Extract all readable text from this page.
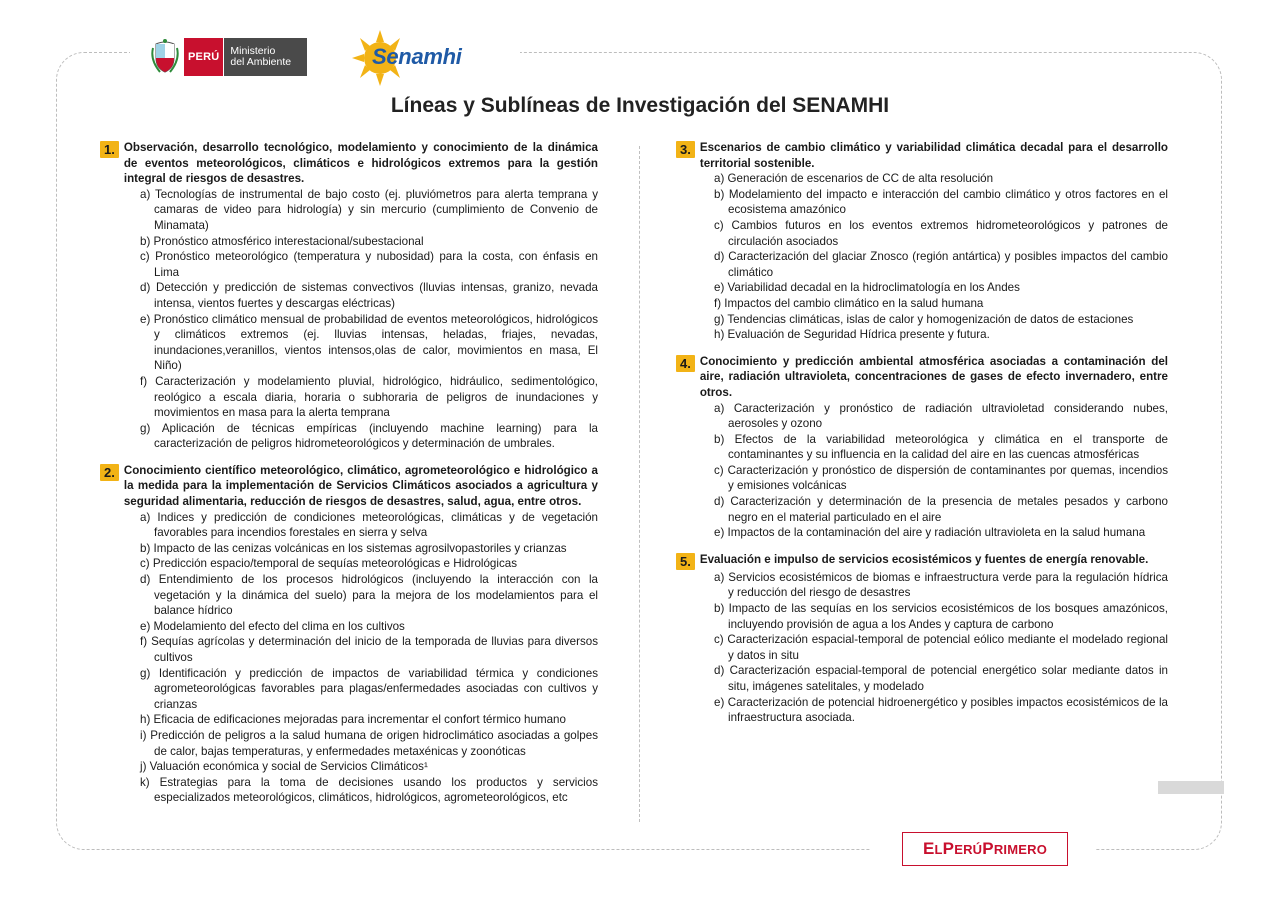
PERÚ	Ministerio
del Ambiente	Senamhi
Líneas y Sublíneas de Investigación del SENAMHI
1. Observación, desarrollo tecnológico, modelamiento y conocimiento de la dinámica de eventos meteorológicos, climáticos e hidrológicos extremos para la gestión integral de riesgos de desastres.
a) Tecnologías de instrumental de bajo costo (ej. pluviómetros para alerta temprana y camaras de video para hidrología) y sin mercurio (cumplimiento de Convenio de Minamata)
b) Pronóstico atmosférico interestacional/subestacional
c) Pronóstico meteorológico (temperatura y nubosidad) para la costa, con énfasis en Lima
d) Detección y predicción de sistemas convectivos (lluvias intensas, granizo, nevada intensa, vientos fuertes y descargas eléctricas)
e) Pronóstico climático mensual de probabilidad de eventos meteorológicos, hidrológicos y climáticos extremos (ej. lluvias intensas, heladas, friajes, nevadas, inundaciones,veranillos, vientos intensos,olas de calor, movimientos en masa, El Niño)
f) Caracterización y modelamiento pluvial, hidrológico, hidráulico, sedimentológico, reológico a escala diaria, horaria o subhoraria de peligros de inundaciones y movimientos en masa para la alerta temprana
g) Aplicación de técnicas empíricas (incluyendo machine learning) para la caracterización de peligros hidrometeorológicos y determinación de umbrales.
2. Conocimiento científico meteorológico, climático, agrometeorológico e hidrológico a la medida para la implementación de Servicios Climáticos asociados a agricultura y seguridad alimentaria, reducción de riesgos de desastres, salud, agua, entre otros.
a) Indices y predicción de condiciones meteorológicas, climáticas y de vegetación favorables para incendios forestales en sierra y selva
b) Impacto de las cenizas volcánicas en los sistemas agrosilvopastoriles y crianzas
c) Predicción espacio/temporal de sequías meteorológicas e Hidrológicas
d) Entendimiento de los procesos hidrológicos (incluyendo la interacción con la vegetación y la dinámica del suelo) para la mejora de los modelamientos para el balance hídrico
e) Modelamiento del efecto del clima en los cultivos
f) Sequías agrícolas y determinación del inicio de la temporada de lluvias para diversos cultivos
g) Identificación y predicción de impactos de variabilidad térmica y condiciones agrometeorológicas favorables para plagas/enfermedades asociadas con cultivos y crianzas
h) Eficacia de edificaciones mejoradas para incrementar el confort térmico humano
i) Predicción de peligros a la salud humana de origen hidroclimático asociadas a golpes de calor, bajas temperaturas, y enfermedades metaxénicas y zoonóticas
j) Valuación económica y social de Servicios Climáticos¹
k) Estrategias para la toma de decisiones usando los productos y servicios especializados meteorológicos, climáticos, hidrológicos, agrometeorológicos, etc
3. Escenarios de cambio climático y variabilidad climática decadal para el desarrollo territorial sostenible.
a) Generación de escenarios de CC de alta resolución
b) Modelamiento del impacto e interacción del cambio climático y otros factores en el ecosistema amazónico
c) Cambios futuros en los eventos extremos hidrometeorológicos y patrones de circulación asociados
d) Caracterización del glaciar Znosco (región antártica) y posibles impactos del cambio climático
e) Variabilidad decadal en la hidroclimatología en los Andes
f) Impactos del cambio climático en la salud humana
g) Tendencias climáticas, islas de calor y homogenización de datos de estaciones
h) Evaluación de Seguridad Hídrica presente y futura.
4. Conocimiento y predicción ambiental atmosférica asociadas a contaminación del aire, radiación ultravioleta, concentraciones de gases de efecto invernadero, entre otros.
a) Caracterización y pronóstico de radiación ultravioletad considerando nubes, aerosoles y ozono
b) Efectos de la variabilidad meteorológica y climática en el transporte de contaminantes y su influencia en la calidad del aire en las cuencas atmosféricas
c) Caracterización y pronóstico de dispersión de contaminantes por quemas, incendios y emisiones volcánicas
d) Caracterización y determinación de la presencia de metales pesados y carbono negro en el material particulado en el aire
e) Impactos de la contaminación del aire y radiación ultravioleta en la salud humana
5. Evaluación e impulso de servicios ecosistémicos y fuentes de energía renovable.
a) Servicios ecosistémicos de biomas e infraestructura verde para la regulación hídrica y reducción del riesgo de desastres
b) Impacto de las sequías en los servicios ecosistémicos de los bosques amazónicos, incluyendo provisión de agua a los Andes y captura de carbono
c) Caracterización espacial-temporal de potencial eólico mediante el modelado regional y datos in situ
d) Caracterización espacial-temporal de potencial energético solar mediante datos in situ, imágenes satelitales, y modelado
e) Caracterización de potencial hidroenergético y posibles impactos ecosistémicos de la infraestructura asociada.
E L P ERÚ P RIMERO
